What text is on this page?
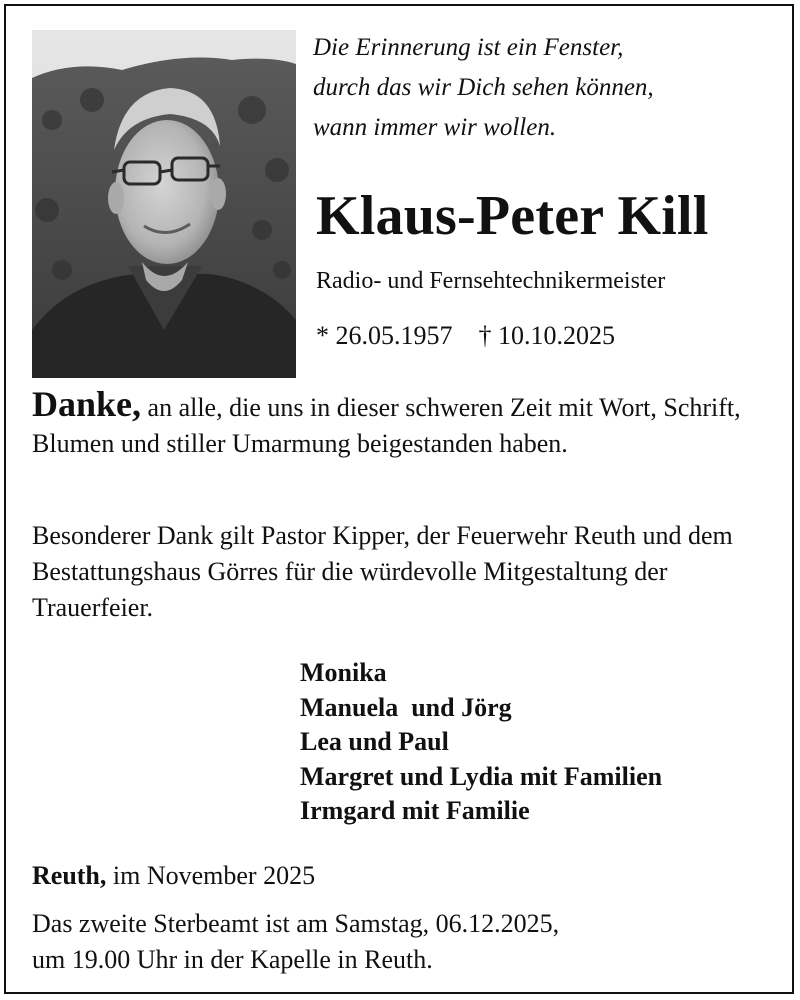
Die Erinnerung ist ein Fenster,
durch das wir Dich sehen können,
wann immer wir wollen.
Klaus-Peter Kill
Radio- und Fernsehtechnikermeister
* 26.05.1957 † 10.10.2025
Danke, an alle, die uns in dieser schweren Zeit mit Wort, Schrift, Blumen und stiller Umarmung beigestanden haben.
Besonderer Dank gilt Pastor Kipper, der Feuerwehr Reuth und dem Bestattungshaus Görres für die würdevolle Mitgestaltung der Trauerfeier.
Monika
Manuela  und Jörg
Lea und Paul
Margret und Lydia mit Familien
Irmgard mit Familie
Reuth, im November 2025
Das zweite Sterbeamt ist am Samstag, 06.12.2025,
um 19.00 Uhr in der Kapelle in Reuth.
